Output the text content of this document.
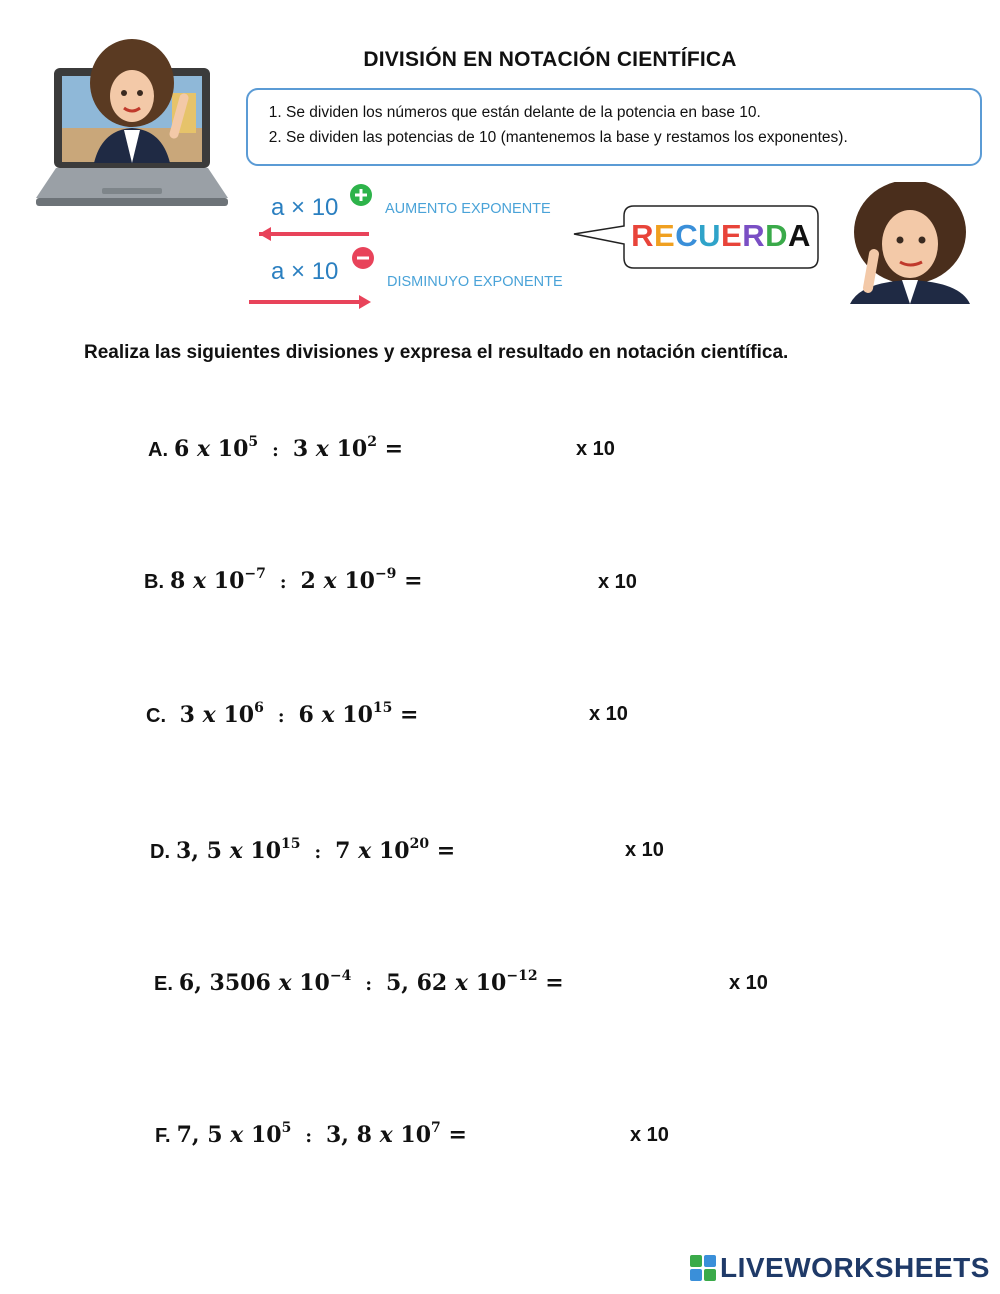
DIVISIÓN EN NOTACIÓN CIENTÍFICA
1. Se dividen los números que están delante de la potencia en base 10.
2. Se dividen las potencias de 10 (mantenemos la base y restamos los exponentes).
a × 10	AUMENTO EXPONENTE
a × 10	DISMINUYO EXPONENTE
RECUERDA
Realiza las siguientes divisiones y expresa el resultado en notación científica.
A. 6 x $10^5$ : 3 x $10^2$ =	x 10
B. 8 x $10^{-7}$ : 2 x $10^{-9}$ =	x 10
C. 3 x $10^6$ : 6 x $10^{15}$ =	x 10
D. 3, 5 x $10^{15}$ : 7 x $10^{20}$ =	x 10
E. 6, 3506 x $10^{-4}$ : 5, 62 x $10^{-12}$ =	x 10
F. 7, 5 x $10^5$ : 3, 8 x $10^7$ =	x 10
LIVEWORKSHEETS
